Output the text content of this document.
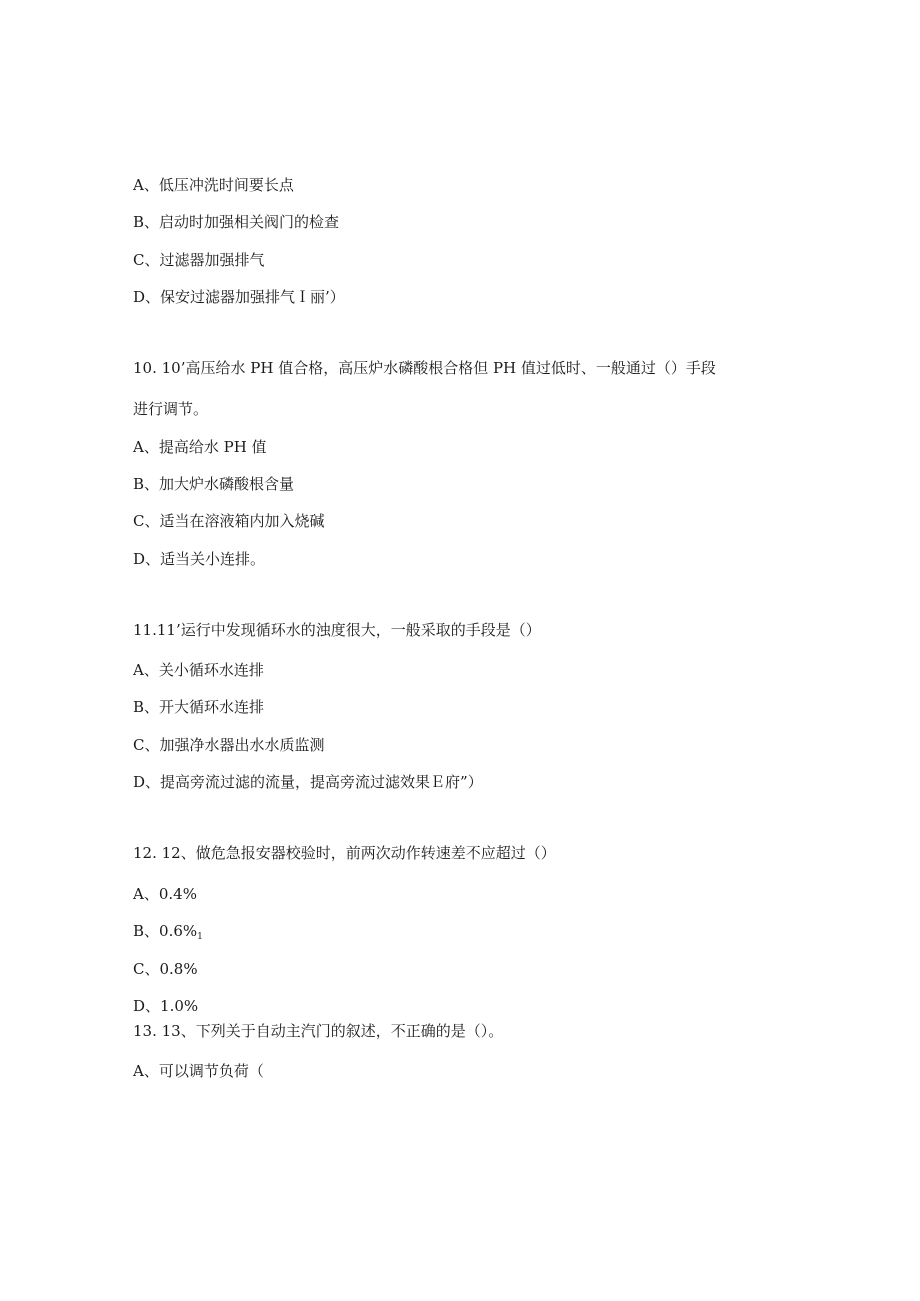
A、低压冲洗时间要长点
B、启动时加强相关阀门的检查
C、过滤器加强排气
D、保安过滤器加强排气Ｉ丽’）
10. 10’高压给水 PH 值合格，高压炉水磷酸根合格但 PH 值过低时、一般通过（）手段
进行调节。
A、提高给水 PH 值
B、加大炉水磷酸根含量
C、适当在溶液箱内加入烧碱
D、适当关小连排。
11.11’运行中发现循环水的浊度很大，一般采取的手段是（）
A、关小循环水连排
B、开大循环水连排
C、加强净水器出水水质监测
D、提高旁流过滤的流量，提高旁流过滤效果Ｅ府”）
12. 12、做危急报安器校验时，前两次动作转速差不应超过（）
A、0.4%
B、$0.6\%_1$
C、0.8%
D、1.0%
13. 13、下列关于自动主汽门的叙述，不正确的是（）。
A、可以调节负荷（
